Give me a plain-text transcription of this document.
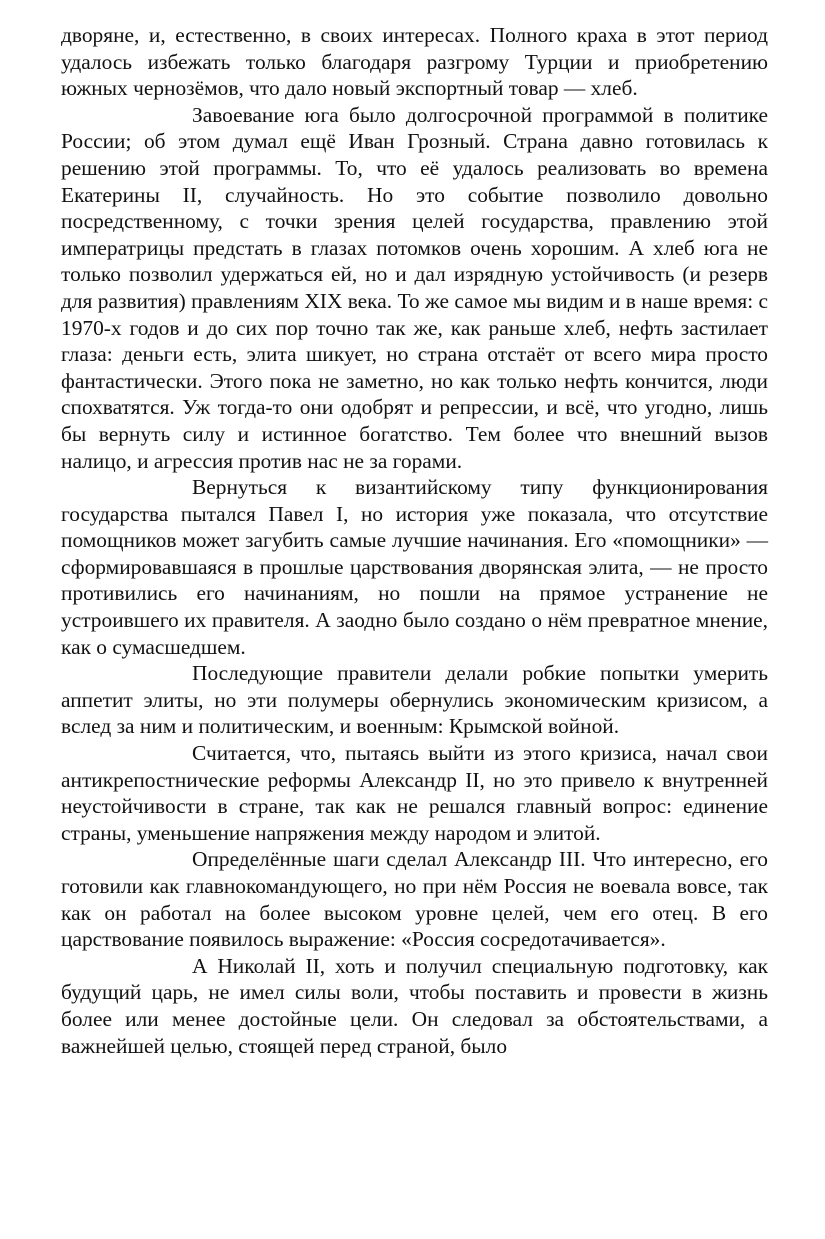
дворяне, и, естественно, в своих интересах. Полного краха в этот период удалось избежать только благодаря разгрому Турции и приобретению южных чернозёмов, что дало новый экспортный товар — хлеб.

Завоевание юга было долгосрочной программой в политике России; об этом думал ещё Иван Грозный. Страна давно готовилась к решению этой программы. То, что её удалось реализовать во времена Екатерины II, случайность. Но это событие позволило довольно посредственному, с точки зрения целей государства, правлению этой императрицы предстать в глазах потомков очень хорошим. А хлеб юга не только позволил удержаться ей, но и дал изрядную устойчивость (и резерв для развития) правлениям XIX века. То же самое мы видим и в наше время: с 1970-х годов и до сих пор точно так же, как раньше хлеб, нефть застилает глаза: деньги есть, элита шикует, но страна отстаёт от всего мира просто фантастически. Этого пока не заметно, но как только нефть кончится, люди спохватятся. Уж тогда-то они одобрят и репрессии, и всё, что угодно, лишь бы вернуть силу и истинное богатство. Тем более что внешний вызов налицо, и агрессия против нас не за горами.

Вернуться к византийскому типу функционирования государства пытался Павел I, но история уже показала, что отсутствие помощников может загубить самые лучшие начинания. Его «помощники» — сформировавшаяся в прошлые царствования дворянская элита, — не просто противились его начинаниям, но пошли на прямое устранение не устроившего их правителя. А заодно было создано о нём превратное мнение, как о сумасшедшем.

Последующие правители делали робкие попытки умерить аппетит элиты, но эти полумеры обернулись экономическим кризисом, а вслед за ним и политическим, и военным: Крымской войной.

Считается, что, пытаясь выйти из этого кризиса, начал свои антикрепостнические реформы Александр II, но это привело к внутренней неустойчивости в стране, так как не решался главный вопрос: единение страны, уменьшение напряжения между народом и элитой.

Определённые шаги сделал Александр III. Что интересно, его готовили как главнокомандующего, но при нём Россия не воевала вовсе, так как он работал на более высоком уровне целей, чем его отец. В его царствование появилось выражение: «Россия сосредотачивается».

А Николай II, хоть и получил специальную подготовку, как будущий царь, не имел силы воли, чтобы поставить и провести в жизнь более или менее достойные цели. Он следовал за обстоятельствами, а важнейшей целью, стоящей перед страной, было
